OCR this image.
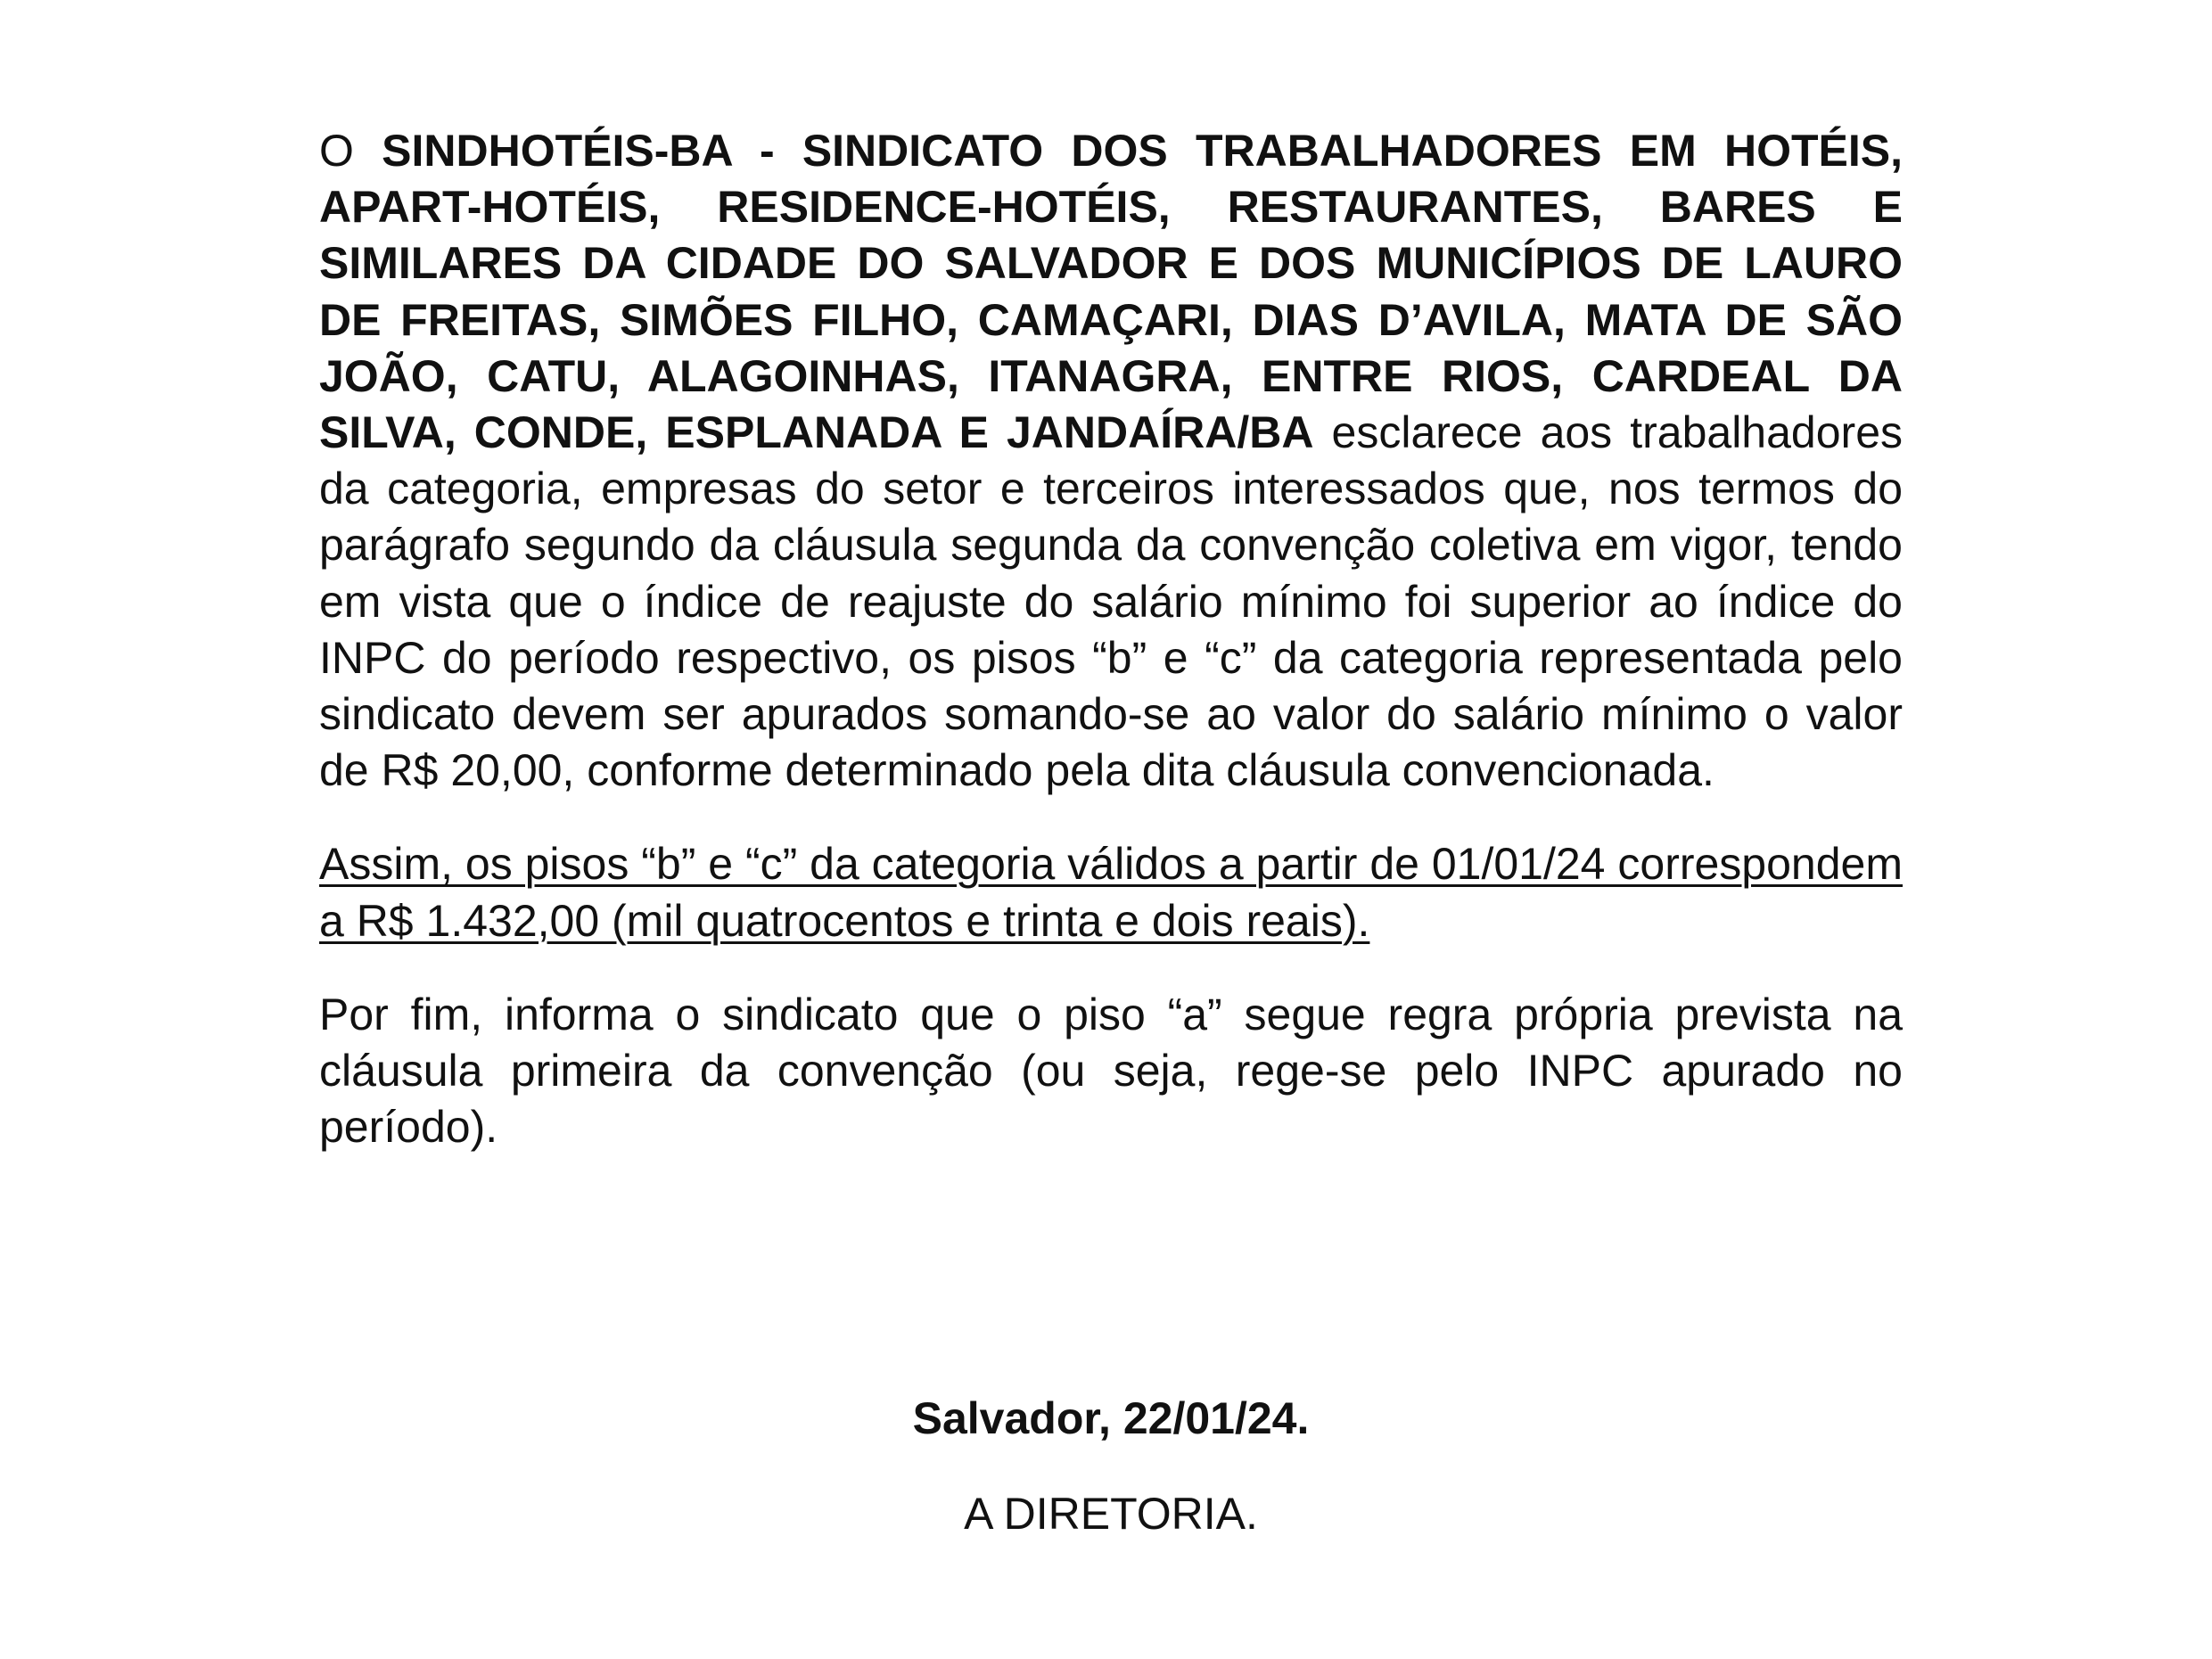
O SINDHOTÉIS-BA - SINDICATO DOS TRABALHADORES EM HOTÉIS, APART-HOTÉIS, RESIDENCE-HOTÉIS, RESTAURANTES, BARES E SIMILARES DA CIDADE DO SALVADOR E DOS MUNICÍPIOS DE LAURO DE FREITAS, SIMÕES FILHO, CAMAÇARI, DIAS D’AVILA, MATA DE SÃO JOÃO, CATU, ALAGOINHAS, ITANAGRA, ENTRE RIOS, CARDEAL DA SILVA, CONDE, ESPLANADA E JANDAÍRA/BA esclarece aos trabalhadores da categoria, empresas do setor e terceiros interessados que, nos termos do parágrafo segundo da cláusula segunda da convenção coletiva em vigor, tendo em vista que o índice de reajuste do salário mínimo foi superior ao índice do INPC do período respectivo, os pisos “b” e “c” da categoria representada pelo sindicato devem ser apurados somando-se ao valor do salário mínimo o valor de R$ 20,00, conforme determinado pela dita cláusula convencionada.

Assim, os pisos “b” e “c” da categoria válidos a partir de 01/01/24 correspondem a R$ 1.432,00 (mil quatrocentos e trinta e dois reais).

Por fim, informa o sindicato que o piso “a” segue regra própria prevista na cláusula primeira da convenção (ou seja, rege-se pelo INPC apurado no período).

Salvador, 22/01/24.
A DIRETORIA.
